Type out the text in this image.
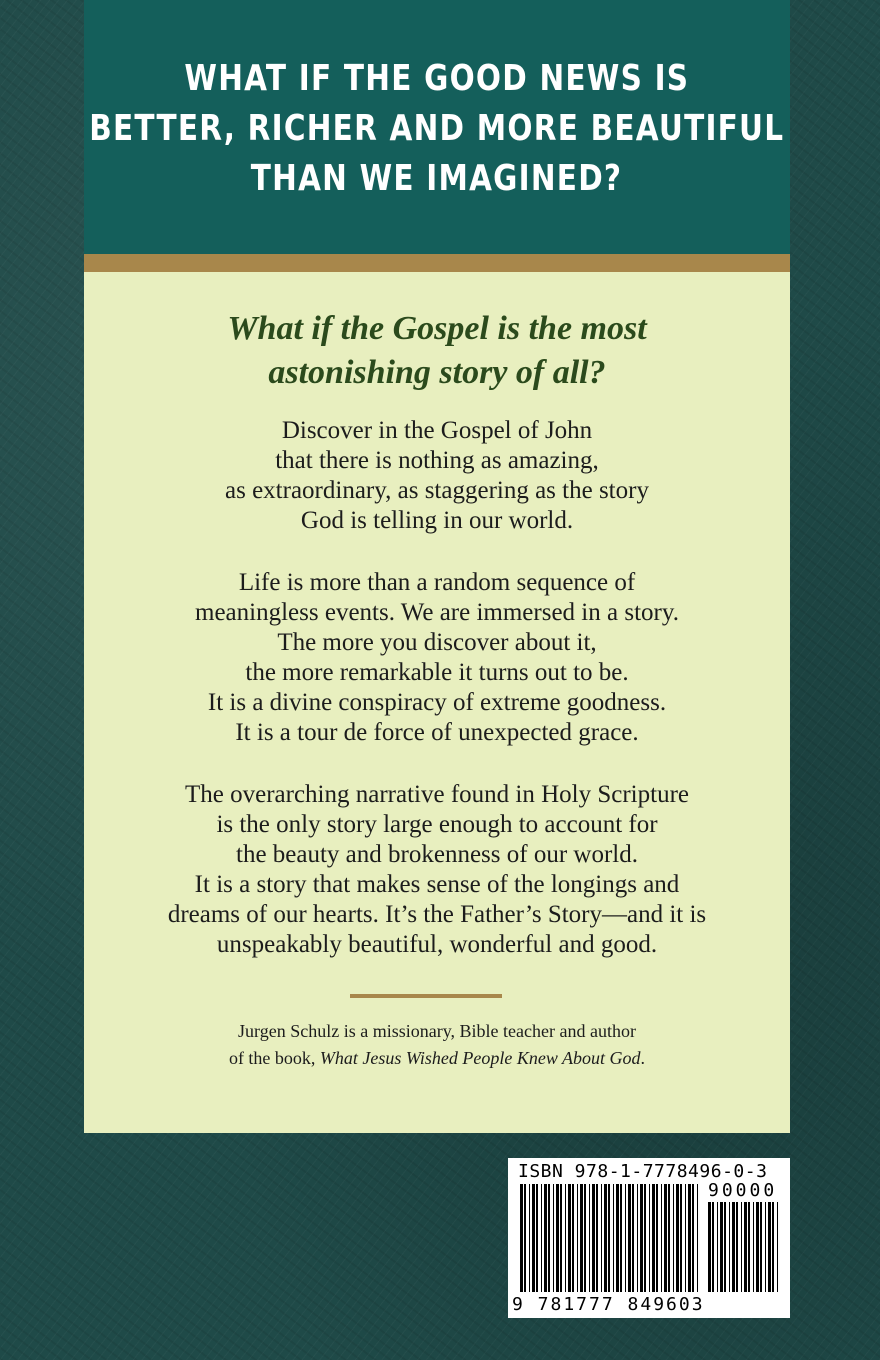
WHAT IF THE GOOD NEWS IS
BETTER, RICHER AND MORE BEAUTIFUL
THAN WE IMAGINED?
What if the Gospel is the most
astonishing story of all?
Discover in the Gospel of John
that there is nothing as amazing,
as extraordinary, as staggering as the story
God is telling in our world.
Life is more than a random sequence of
meaningless events. We are immersed in a story.
The more you discover about it,
the more remarkable it turns out to be.
It is a divine conspiracy of extreme goodness.
It is a tour de force of unexpected grace.
The overarching narrative found in Holy Scripture
is the only story large enough to account for
the beauty and brokenness of our world.
It is a story that makes sense of the longings and
dreams of our hearts. It’s the Father’s Story—and it is
unspeakably beautiful, wonderful and good.
Jurgen Schulz is a missionary, Bible teacher and author
of the book, What Jesus Wished People Knew About God.
ISBN 978-1-7778496-0-3
90000
9 781777 849603
